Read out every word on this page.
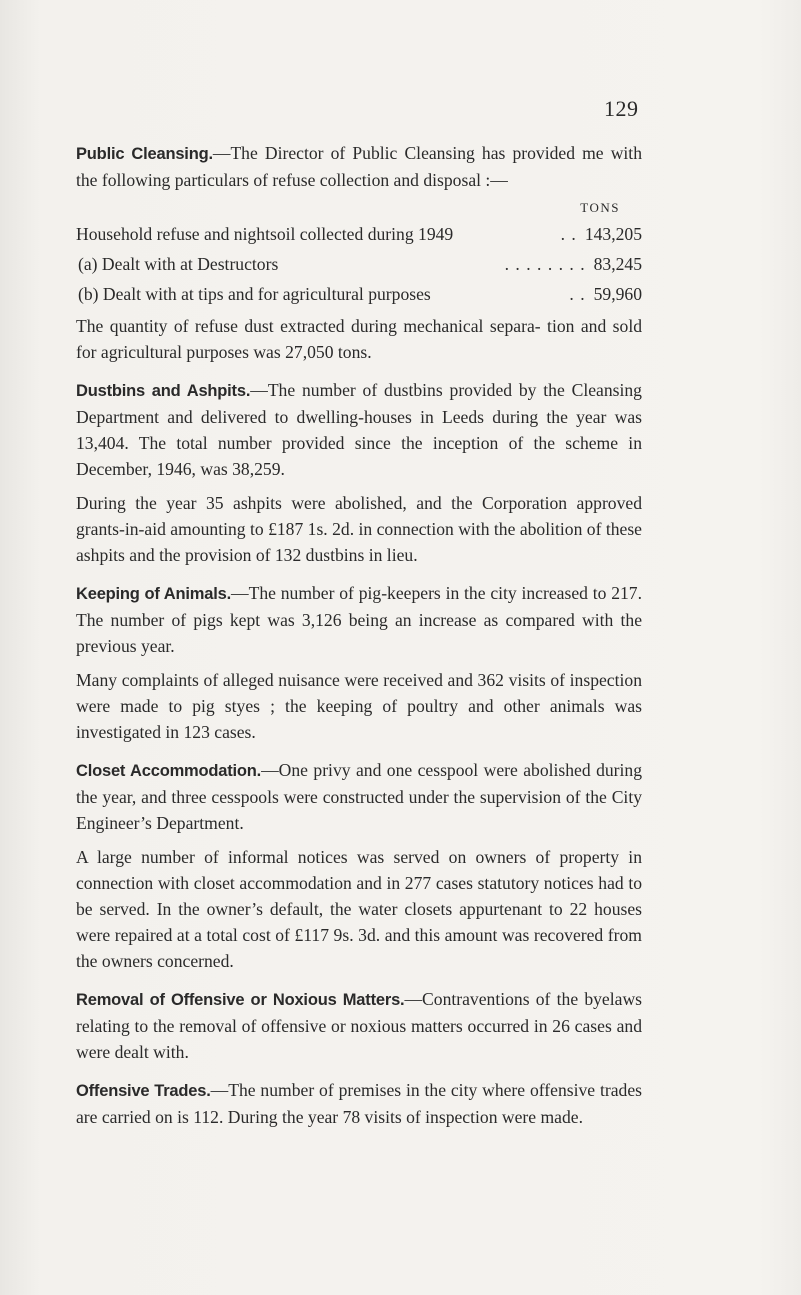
129

Public Cleansing.—The Director of Public Cleansing has provided me with the following particulars of refuse collection and disposal :—

TONS
Household refuse and nightsoil collected during 1949	. . 143,205
(a) Dealt with at Destructors	. . . . . . . . 83,245
(b) Dealt with at tips and for agricultural purposes	. . 59,960

The quantity of refuse dust extracted during mechanical separa- tion and sold for agricultural purposes was 27,050 tons.

Dustbins and Ashpits.—The number of dustbins provided by the Cleansing Department and delivered to dwelling-houses in Leeds during the year was 13,404. The total number provided since the inception of the scheme in December, 1946, was 38,259.

During the year 35 ashpits were abolished, and the Corporation approved grants-in-aid amounting to £187 1s. 2d. in connection with the abolition of these ashpits and the provision of 132 dustbins in lieu.

Keeping of Animals.—The number of pig-keepers in the city increased to 217. The number of pigs kept was 3,126 being an increase as compared with the previous year.

Many complaints of alleged nuisance were received and 362 visits of inspection were made to pig styes ; the keeping of poultry and other animals was investigated in 123 cases.

Closet Accommodation.—One privy and one cesspool were abolished during the year, and three cesspools were constructed under the supervision of the City Engineer’s Department.

A large number of informal notices was served on owners of property in connection with closet accommodation and in 277 cases statutory notices had to be served. In the owner’s default, the water closets appurtenant to 22 houses were repaired at a total cost of £117 9s. 3d. and this amount was recovered from the owners concerned.

Removal of Offensive or Noxious Matters.—Contraventions of the byelaws relating to the removal of offensive or noxious matters occurred in 26 cases and were dealt with.

Offensive Trades.—The number of premises in the city where offensive trades are carried on is 112. During the year 78 visits of inspection were made.
